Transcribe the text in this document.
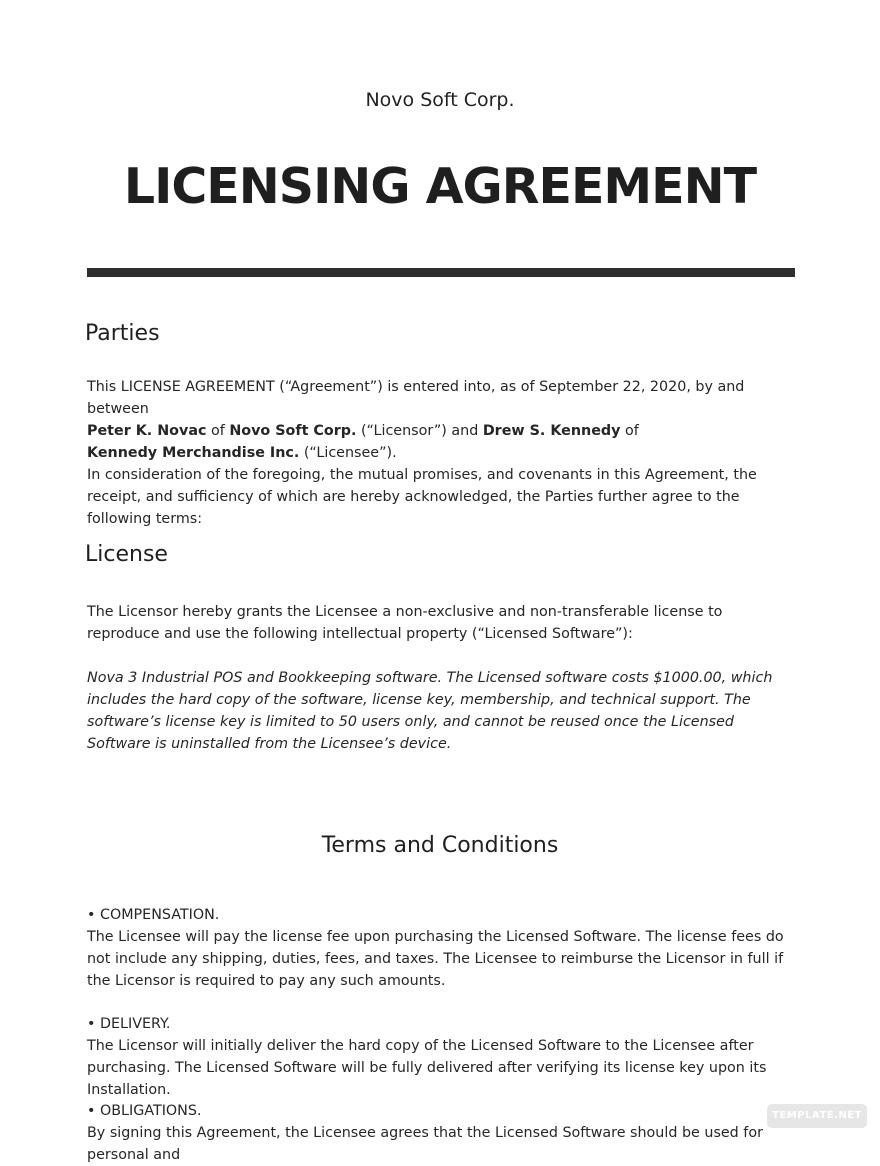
Novo Soft Corp.
LICENSING AGREEMENT
Parties
This LICENSE AGREEMENT (“Agreement”) is entered into, as of September 22, 2020, by and between
Peter K. Novac of Novo Soft Corp. (“Licensor”) and Drew S. Kennedy of
Kennedy Merchandise Inc. (“Licensee”).
In consideration of the foregoing, the mutual promises, and covenants in this Agreement, the receipt, and sufficiency of which are hereby acknowledged, the Parties further agree to the following terms:
License
The Licensor hereby grants the Licensee a non-exclusive and non-transferable license to reproduce and use the following intellectual property (“Licensed Software”):
Nova 3 Industrial POS and Bookkeeping software. The Licensed software costs $1000.00, which includes the hard copy of the software, license key, membership, and technical support. The software’s license key is limited to 50 users only, and cannot be reused once the Licensed Software is uninstalled from the Licensee’s device.
Terms and Conditions
• COMPENSATION.
The Licensee will pay the license fee upon purchasing the Licensed Software. The license fees do not include any shipping, duties, fees, and taxes. The Licensee to reimburse the Licensor in full if the Licensor is required to pay any such amounts.
• DELIVERY.
The Licensor will initially deliver the hard copy of the Licensed Software to the Licensee after purchasing. The Licensed Software will be fully delivered after verifying its license key upon its Installation.
• OBLIGATIONS.
By signing this Agreement, the Licensee agrees that the Licensed Software should be used for personal and
TEMPLATE.NET
